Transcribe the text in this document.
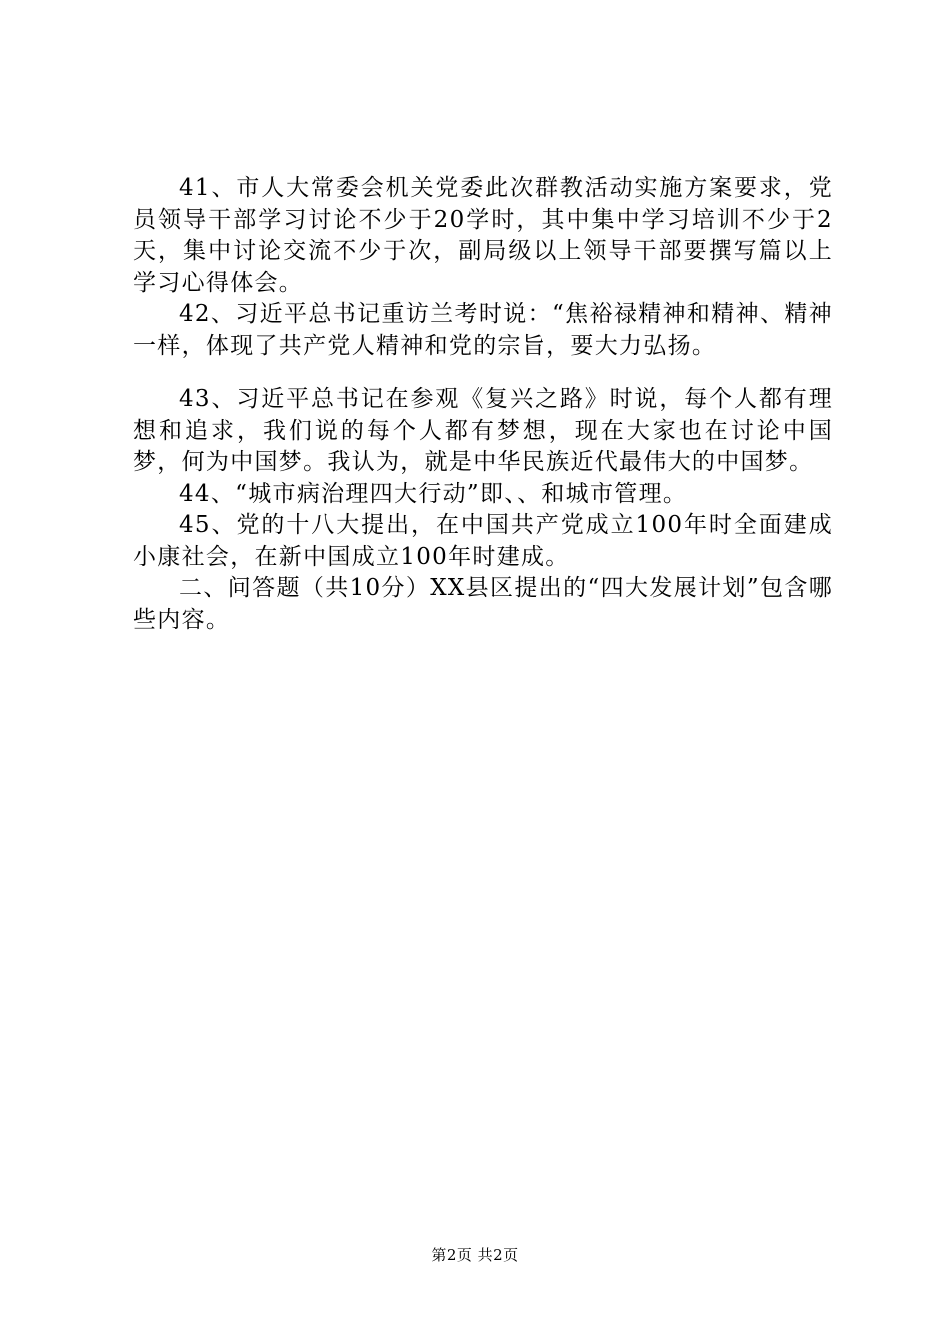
41、市人大常委会机关党委此次群教活动实施方案要求，党员领导干部学习讨论不少于20学时，其中集中学习培训不少于2天，集中讨论交流不少于次，副局级以上领导干部要撰写篇以上学习心得体会。

42、习近平总书记重访兰考时说：“焦裕禄精神和精神、精神一样，体现了共产党人精神和党的宗旨，要大力弘扬。

43、习近平总书记在参观《复兴之路》时说，每个人都有理想和追求，我们说的每个人都有梦想，现在大家也在讨论中国梦，何为中国梦。我认为，就是中华民族近代最伟大的中国梦。

44、“城市病治理四大行动”即、、和城市管理。

45、党的十八大提出，在中国共产党成立100年时全面建成小康社会，在新中国成立100年时建成。

二、问答题（共10分）XX县区提出的“四大发展计划”包含哪些内容。

第2页 共2页
